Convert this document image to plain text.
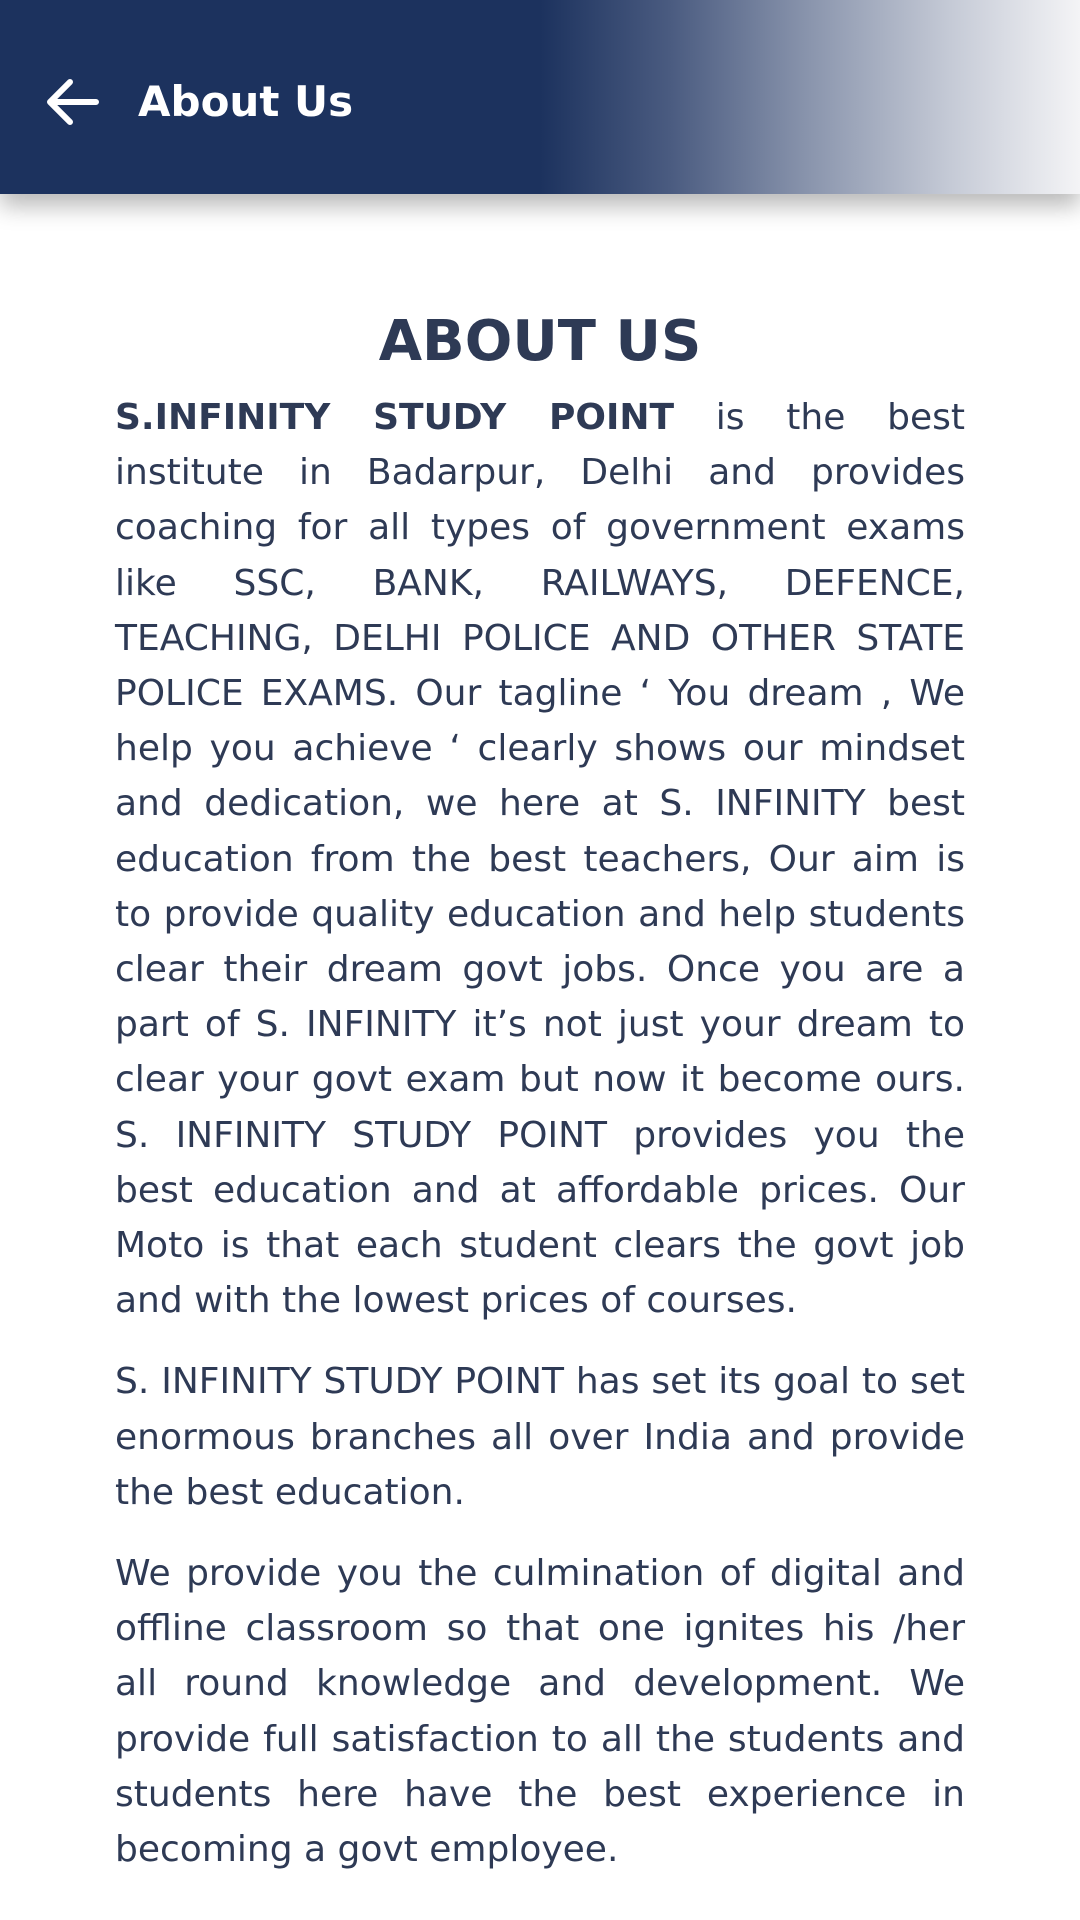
About Us
ABOUT US

S.INFINITY STUDY POINT is the best institute in Badarpur, Delhi and provides coaching for all types of government exams like SSC, BANK, RAILWAYS, DEFENCE, TEACHING, DELHI POLICE AND OTHER STATE POLICE EXAMS. Our tagline ‘ You dream , We help you achieve ‘ clearly shows our mindset and dedication, we here at S. INFINITY best education from the best teachers, Our aim is to provide quality education and help students clear their dream govt jobs. Once you are a part of S. INFINITY it’s not just your dream to clear your govt exam but now it become ours. S. INFINITY STUDY POINT provides you the best education and at affordable prices. Our Moto is that each student clears the govt job and with the lowest prices of courses.

S. INFINITY STUDY POINT has set its goal to set enormous branches all over India and provide the best education.

We provide you the culmination of digital and offline classroom so that one ignites his /her all round knowledge and development. We provide full satisfaction to all the students and students here have the best experience in becoming a govt employee.
